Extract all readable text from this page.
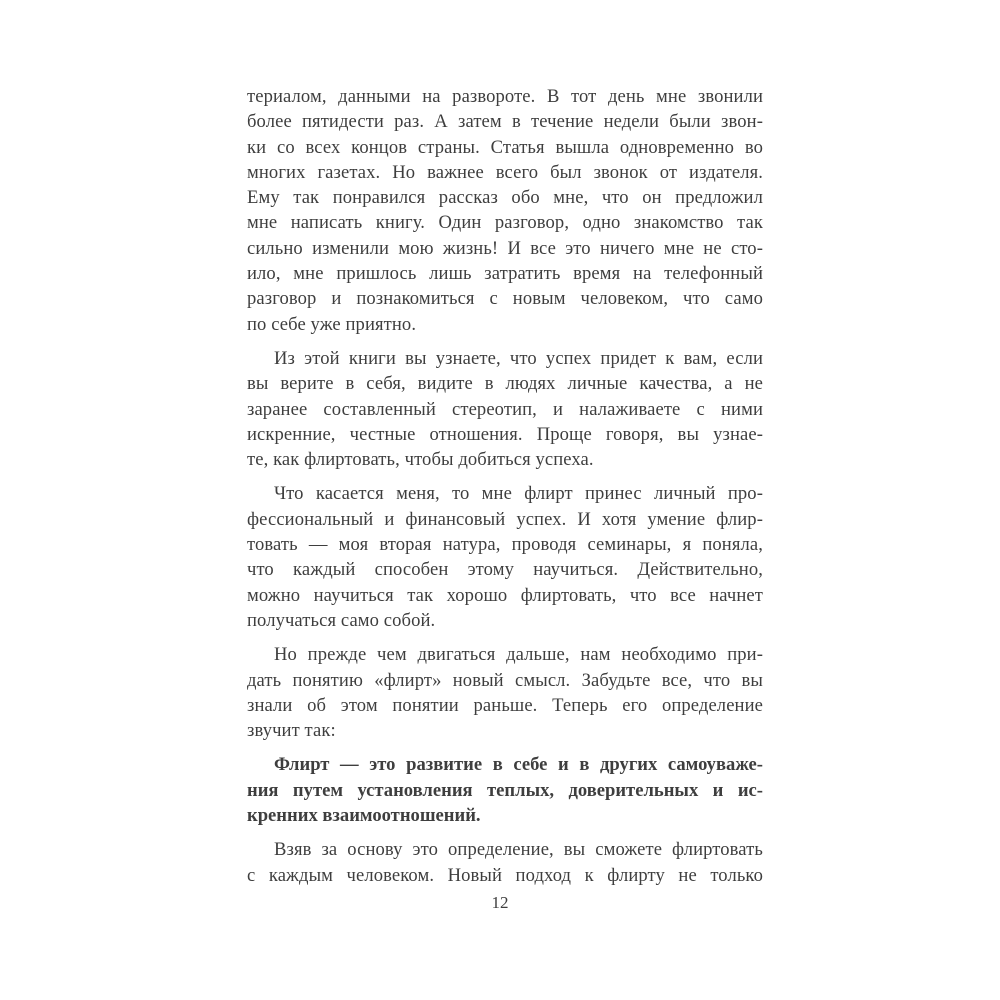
териалом, данными на развороте. В тот день мне звонили
более пятидести раз. А затем в течение недели были звон-
ки со всех концов страны. Статья вышла одновременно во
многих газетах. Но важнее всего был звонок от издателя.
Ему так понравился рассказ обо мне, что он предложил
мне написать книгу. Один разговор, одно знакомство так
сильно изменили мою жизнь! И все это ничего мне не сто-
ило, мне пришлось лишь затратить время на телефонный
разговор и познакомиться с новым человеком, что само
по себе уже приятно.
Из этой книги вы узнаете, что успех придет к вам, если
вы верите в себя, видите в людях личные качества, а не
заранее составленный стереотип, и налаживаете с ними
искренние, честные отношения. Проще говоря, вы узнае-
те, как флиртовать, чтобы добиться успеха.
Что касается меня, то мне флирт принес личный про-
фессиональный и финансовый успех. И хотя умение флир-
товать — моя вторая натура, проводя семинары, я поняла,
что каждый способен этому научиться. Действительно,
можно научиться так хорошо флиртовать, что все начнет
получаться само собой.
Но прежде чем двигаться дальше, нам необходимо при-
дать понятию «флирт» новый смысл. Забудьте все, что вы
знали об этом понятии раньше. Теперь его определение
звучит так:
Флирт — это развитие в себе и в других самоуваже-
ния путем установления теплых, доверительных и ис-
кренних взаимоотношений.
Взяв за основу это определение, вы сможете флиртовать
с каждым человеком. Новый подход к флирту не только
12
